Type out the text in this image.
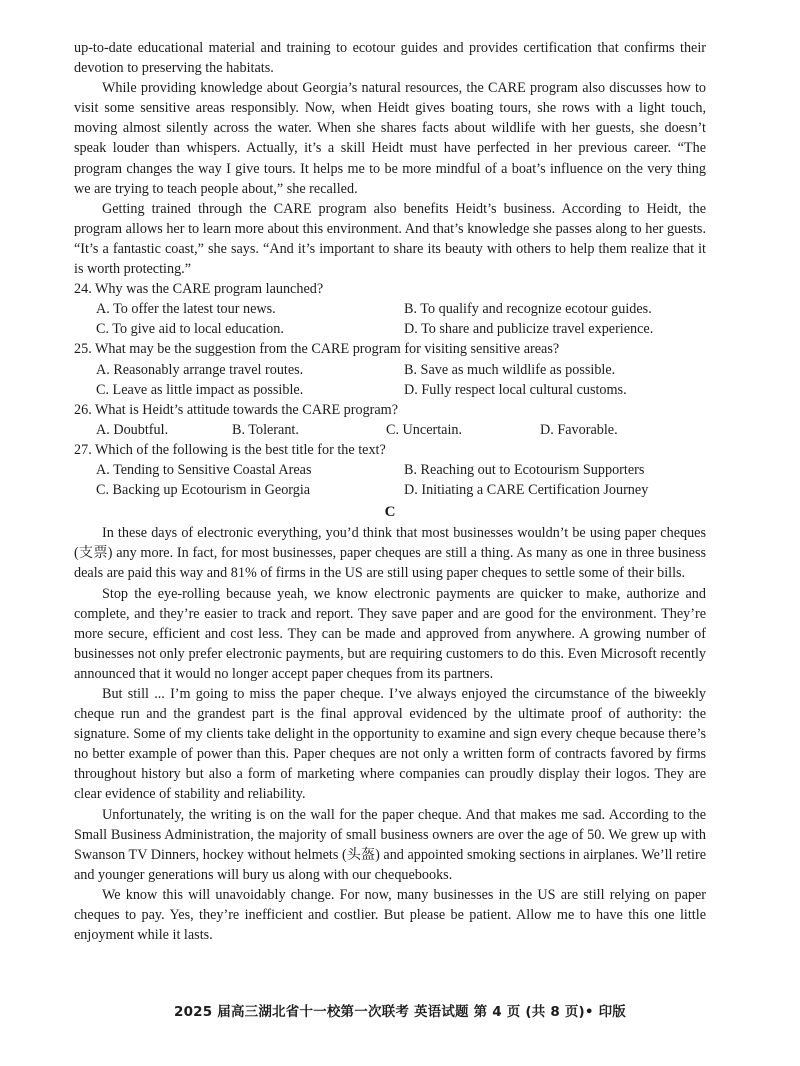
up-to-date educational material and training to ecotour guides and provides certification that confirms their devotion to preserving the habitats.

While providing knowledge about Georgia’s natural resources, the CARE program also discusses how to visit some sensitive areas responsibly. Now, when Heidt gives boating tours, she rows with a light touch, moving almost silently across the water. When she shares facts about wildlife with her guests, she doesn’t speak louder than whispers. Actually, it’s a skill Heidt must have perfected in her previous career. “The program changes the way I give tours. It helps me to be more mindful of a boat’s influence on the very thing we are trying to teach people about,” she recalled.

Getting trained through the CARE program also benefits Heidt’s business. According to Heidt, the program allows her to learn more about this environment. And that’s knowledge she passes along to her guests. “It’s a fantastic coast,” she says. “And it’s important to share its beauty with others to help them realize that it is worth protecting.”

24. Why was the CARE program launched?
A. To offer the latest tour news.	B. To qualify and recognize ecotour guides.
C. To give aid to local education.	D. To share and publicize travel experience.
25. What may be the suggestion from the CARE program for visiting sensitive areas?
A. Reasonably arrange travel routes.	B. Save as much wildlife as possible.
C. Leave as little impact as possible.	D. Fully respect local cultural customs.
26. What is Heidt’s attitude towards the CARE program?
A. Doubtful.	B. Tolerant.	C. Uncertain.	D. Favorable.
27. Which of the following is the best title for the text?
A. Tending to Sensitive Coastal Areas	B. Reaching out to Ecotourism Supporters
C. Backing up Ecotourism in Georgia	D. Initiating a CARE Certification Journey
C

In these days of electronic everything, you’d think that most businesses wouldn’t be using paper cheques (支票) any more. In fact, for most businesses, paper cheques are still a thing. As many as one in three business deals are paid this way and 81% of firms in the US are still using paper cheques to settle some of their bills.

Stop the eye-rolling because yeah, we know electronic payments are quicker to make, authorize and complete, and they’re easier to track and report. They save paper and are good for the environment. They’re more secure, efficient and cost less. They can be made and approved from anywhere. A growing number of businesses not only prefer electronic payments, but are requiring customers to do this. Even Microsoft recently announced that it would no longer accept paper cheques from its partners.

But still ... I’m going to miss the paper cheque. I’ve always enjoyed the circumstance of the biweekly cheque run and the grandest part is the final approval evidenced by the ultimate proof of authority: the signature. Some of my clients take delight in the opportunity to examine and sign every cheque because there’s no better example of power than this. Paper cheques are not only a written form of contracts favored by firms throughout history but also a form of marketing where companies can proudly display their logos. They are clear evidence of stability and reliability.

Unfortunately, the writing is on the wall for the paper cheque. And that makes me sad. According to the Small Business Administration, the majority of small business owners are over the age of 50. We grew up with Swanson TV Dinners, hockey without helmets (头盔) and appointed smoking sections in airplanes. We’ll retire and younger generations will bury us along with our chequebooks.

We know this will unavoidably change. For now, many businesses in the US are still relying on paper cheques to pay. Yes, they’re inefficient and costlier. But please be patient. Allow me to have this one little enjoyment while it lasts.

2025 届高三湖北省十一校第一次联考 英语试题 第 4 页 (共 8 页)• 印版
